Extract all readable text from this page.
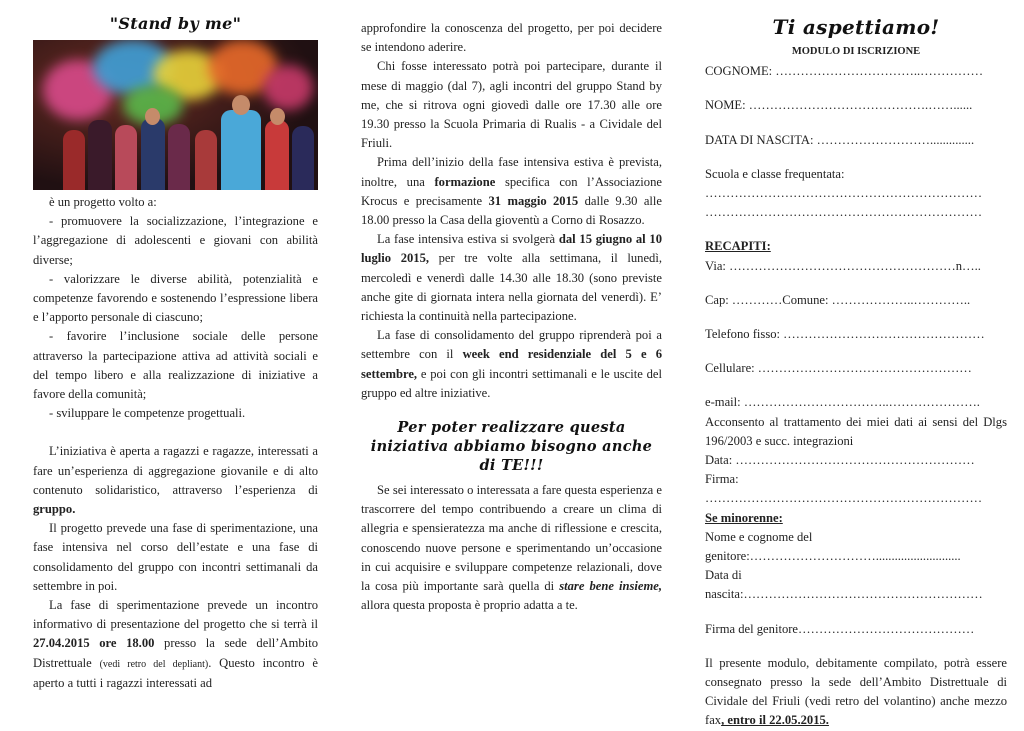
"Stand by me"

è un progetto volto a:

- promuovere la socializzazione, l’integrazione e l’aggregazione di adolescenti e giovani con abilità diverse;

- valorizzare le diverse abilità, potenzialità e competenze favorendo e sostenendo l’espressione libera e l’apporto personale di ciascuno;

- favorire l’inclusione sociale delle persone attraverso la partecipazione attiva ad attività sociali e del tempo libero e alla realizzazione di iniziative a favore della comunità;

- sviluppare le competenze progettuali.

L’iniziativa è aperta a ragazzi e ragazze, interessati a fare un’esperienza di aggregazione giovanile e di alto contenuto solidaristico, attraverso l’esperienza di gruppo.

Il progetto prevede una fase di sperimentazione, una fase intensiva nel corso dell’estate e una fase di consolidamento del gruppo con incontri settimanali da settembre in poi.

La fase di sperimentazione prevede un incontro informativo di presentazione del progetto che si terrà il 27.04.2015 ore 18.00 presso la sede dell’Ambito Distrettuale (vedi retro del depliant). Questo incontro è aperto a tutti i ragazzi interessati ad

approfondire la conoscenza del progetto, per poi decidere se intendono aderire.

Chi fosse interessato potrà poi partecipare, durante il mese di maggio (dal 7), agli incontri del gruppo Stand by me, che si ritrova ogni giovedì dalle ore 17.30 alle ore 19.30 presso la Scuola Primaria di Rualis - a Cividale del Friuli.

Prima dell’inizio della fase intensiva estiva è prevista, inoltre, una formazione specifica con l’Associazione Krocus e precisamente 31 maggio 2015 dalle 9.30 alle 18.00 presso la Casa della gioventù a Corno di Rosazzo.

La fase intensiva estiva si svolgerà dal 15 giugno al 10 luglio 2015, per tre volte alla settimana, il lunedì, mercoledì e venerdì dalle 14.30 alle 18.30 (sono previste anche gite di giornata intera nella giornata del venerdì). E’ richiesta la continuità nella partecipazione.

La fase di consolidamento del gruppo riprenderà poi a settembre con il week end residenziale del 5 e 6 settembre, e poi con gli incontri settimanali e le uscite del gruppo ed altre iniziative.

Per poter realizzare questa iniziativa abbiamo bisogno anche di TE!!!

Se sei interessato o interessata a fare questa esperienza e trascorrere del tempo contribuendo a creare un clima di allegria e spensieratezza ma anche di riflessione e crescita, conoscendo nuove persone e sperimentando un’occasione in cui acquisire e sviluppare competenze relazionali, dove la cosa più importante sarà quella di stare bene insieme, allora questa proposta è proprio adatta a te.

Ti aspettiamo!
MODULO DI ISCRIZIONE

COGNOME: ……………………………..……………

NOME: …………………………………….……......

DATA DI NASCITA: ………………………..............

Scuola e classe frequentata:

…………………………………………………………

…………………………………………………………

RECAPITI:

Via: ………………………………………………n…..

Cap: …………Comune: ………………..…………..

Telefono fisso: …………………………………………

Cellulare: ……………………………………………

e-mail: ……………………………..………………….

Acconsento al trattamento dei miei dati ai sensi del Dlgs 196/2003 e succ. integrazioni

Data: …………………………………………………

Firma:

…………………………………………………………

Se minorenne:

Nome e cognome del

genitore:…………………………...........................

Data di

nascita:…………………………………………………

Firma del genitore……………………………………

Il presente modulo, debitamente compilato, potrà essere consegnato presso la sede dell’Ambito Distrettuale di Cividale del Friuli (vedi retro del volantino) anche mezzo fax, entro il 22.05.2015.
